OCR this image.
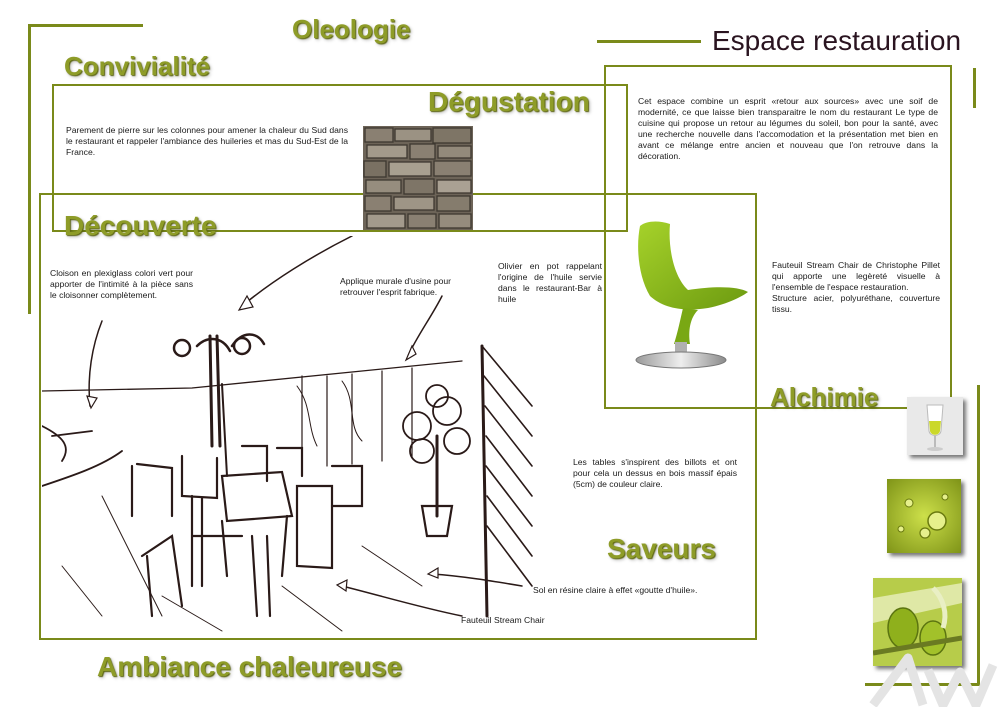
Oleologie	Espace restauration
Convivialité
Dégustation
Découverte
Alchimie
Saveurs
Ambiance chaleureuse
Parement de pierre sur les colonnes pour amener la chaleur du Sud dans le restaurant et rappeler l'ambiance des huileries et mas du Sud-Est de la France.
Cet espace combine un esprit «retour aux sources» avec une soif de modernité, ce que laisse bien transparaitre le nom du restaurant Le type de cuisine qui propose un retour au légumes du soleil, bon pour la santé, avec une recherche nouvelle dans l'accomodation et la présentation met bien en avant ce mélange entre ancien et nouveau que l'on retrouve dans la décoration.
Cloison en plexiglass colori vert pour apporter de l'intimité à la pièce sans le cloisonner complètement.
Applique murale d'usine pour retrouver l'esprit fabrique.
Olivier en pot rappelant l'origine de l'huile servie dans le restaurant-Bar à huile
Fauteuil Stream Chair de Christophe Pillet qui apporte une legèreté visuelle à l'ensemble de l'espace restauration.
Structure acier, polyuréthane, couverture tissu.
Les tables s'inspirent des billots et ont pour cela un dessus en bois massif épais (5cm) de couleur claire.
Sol en résine claire à effet «goutte d'huile».
Fauteuil Stream Chair
